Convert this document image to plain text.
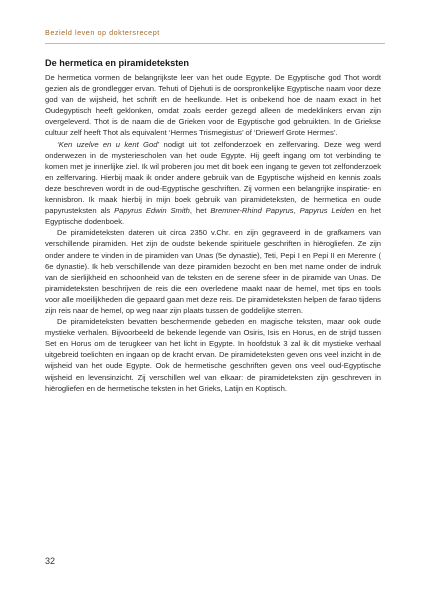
Bezield leven op doktersrecept
De hermetica en piramideteksten

De hermetica vormen de belangrijkste leer van het oude Egypte. De Egyptische god Thot wordt gezien als de grondlegger ervan. Tehuti of Djehuti is de oorspronkelijke Egyptische naam voor deze god van de wijsheid, het schrift en de heelkunde. Het is onbekend hoe de naam exact in het Oudegyptisch heeft geklonken, omdat zoals eerder gezegd alleen de medeklinkers ervan zijn overgeleverd. Thot is de naam die de Grieken voor de Egyptische god gebruikten. In de Griekse cultuur zelf heeft Thot als equivalent ‘Hermes Trismegistus’ of ‘Driewerf Grote Hermes’.

‘Ken uzelve en u kent God’ nodigt uit tot zelfonderzoek en zelfervaring. Deze weg werd onderwezen in de mysteriescholen van het oude Egypte. Hij geeft ingang om tot verbinding te komen met je innerlijke ziel. Ik wil proberen jou met dit boek een ingang te geven tot zelfonderzoek en zelfervaring. Hierbij maak ik onder andere gebruik van de Egyptische wijsheid en kennis zoals deze beschreven wordt in de oud-Egyptische geschriften. Zij vormen een belangrijke inspiratie- en kennisbron. Ik maak hierbij in mijn boek gebruik van piramideteksten, de hermetica en oude papyrusteksten als Papyrus Edwin Smith, het Bremner-Rhind Papyrus, Papyrus Leiden en het Egyptische dodenboek.

De piramideteksten dateren uit circa 2350 v.Chr. en zijn gegraveerd in de grafkamers van verschillende piramiden. Het zijn de oudste bekende spirituele geschriften in hiërogliefen. Ze zijn onder andere te vinden in de piramiden van Unas (5e dynastie), Teti, Pepi I en Pepi II en Merenre ( 6e dynastie). Ik heb verschillende van deze piramiden bezocht en ben met name onder de indruk van de sierlijkheid en schoonheid van de teksten en de serene sfeer in de piramide van Unas. De piramideteksten beschrijven de reis die een overledene maakt naar de hemel, met tips en tools voor alle moeilijkheden die gepaard gaan met deze reis. De piramideteksten helpen de farao tijdens zijn reis naar de hemel, op weg naar zijn plaats tussen de goddelijke sterren.

De piramideteksten bevatten beschermende gebeden en magische teksten, maar ook oude mystieke verhalen. Bijvoorbeeld de bekende legende van Osiris, Isis en Horus, en de strijd tussen Set en Horus om de terugkeer van het licht in Egypte. In hoofdstuk 3 zal ik dit mystieke verhaal uitgebreid toelichten en ingaan op de kracht ervan. De piramideteksten geven ons veel inzicht in de wijsheid van het oude Egypte. Ook de hermetische geschriften geven ons veel oud-Egyptische wijsheid en levensinzicht. Zij verschillen wel van elkaar: de piramideteksten zijn geschreven in hiërogliefen en de hermetische teksten in het Grieks, Latijn en Koptisch.

32
